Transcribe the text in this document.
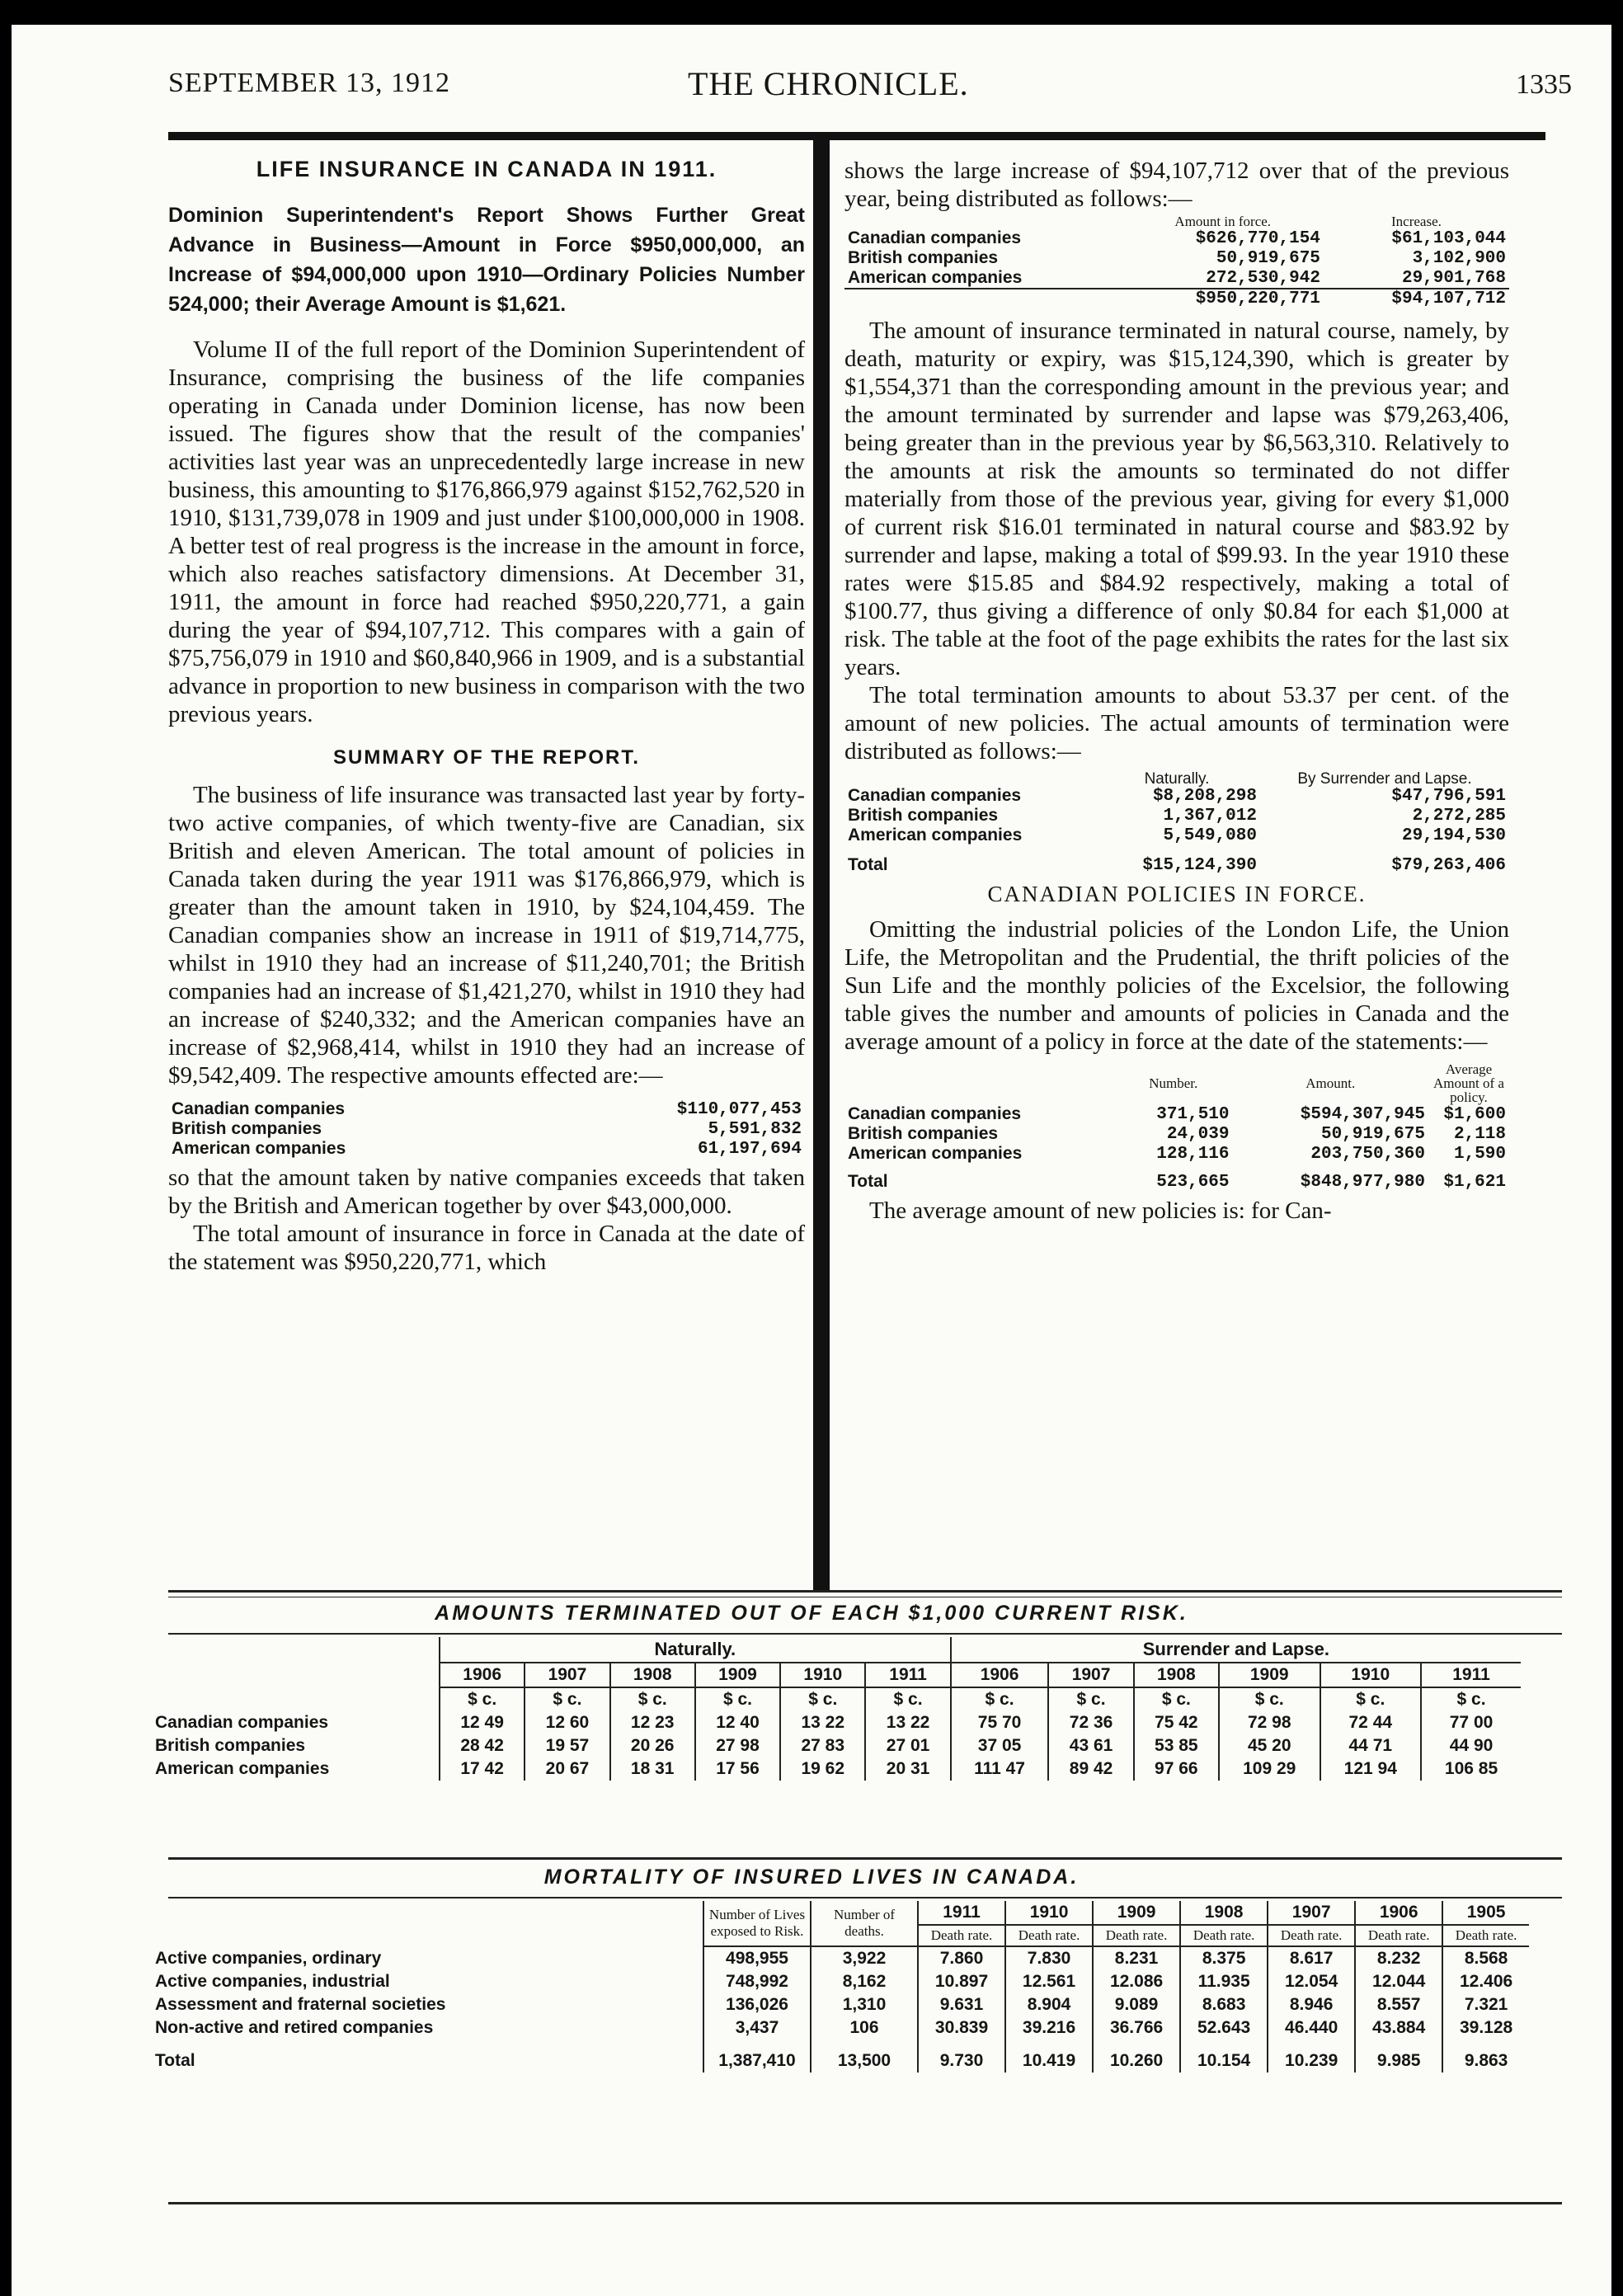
SEPTEMBER 13, 1912	THE CHRONICLE.	1335
LIFE INSURANCE IN CANADA IN 1911.
Dominion Superintendent's Report Shows Further Great Advance in Business—Amount in Force $950,000,000, an Increase of $94,000,000 upon 1910—Ordinary Policies Number 524,000; their Average Amount is $1,621.

Volume II of the full report of the Dominion Superintendent of Insurance, comprising the business of the life companies operating in Canada under Dominion license, has now been issued. The figures show that the result of the companies' activities last year was an unprecedentedly large increase in new business, this amounting to $176,866,979 against $152,762,520 in 1910, $131,739,078 in 1909 and just under $100,000,000 in 1908. A better test of real progress is the increase in the amount in force, which also reaches satisfactory dimensions. At December 31, 1911, the amount in force had reached $950,220,771, a gain during the year of $94,107,712. This compares with a gain of $75,756,079 in 1910 and $60,840,966 in 1909, and is a substantial advance in proportion to new business in comparison with the two previous years.

SUMMARY OF THE REPORT.

The business of life insurance was transacted last year by forty-two active companies, of which twenty-five are Canadian, six British and eleven American. The total amount of policies in Canada taken during the year 1911 was $176,866,979, which is greater than the amount taken in 1910, by $24,104,459. The Canadian companies show an increase in 1911 of $19,714,775, whilst in 1910 they had an increase of $11,240,701; the British companies had an increase of $1,421,270, whilst in 1910 they had an increase of $240,332; and the American companies have an increase of $2,968,414, whilst in 1910 they had an increase of $9,542,409. The respective amounts effected are:—

Canadian companies	$110,077,453
British companies	5,591,832
American companies	61,197,694

so that the amount taken by native companies exceeds that taken by the British and American together by over $43,000,000.

The total amount of insurance in force in Canada at the date of the statement was $950,220,771, which

shows the large increase of $94,107,712 over that of the previous year, being distributed as follows:—

	Amount in force.	Increase.
Canadian companies	$626,770,154	$61,103,044
British companies	50,919,675	3,102,900
American companies	272,530,942	29,901,768
	$950,220,771	$94,107,712

The amount of insurance terminated in natural course, namely, by death, maturity or expiry, was $15,124,390, which is greater by $1,554,371 than the corresponding amount in the previous year; and the amount terminated by surrender and lapse was $79,263,406, being greater than in the previous year by $6,563,310. Relatively to the amounts at risk the amounts so terminated do not differ materially from those of the previous year, giving for every $1,000 of current risk $16.01 terminated in natural course and $83.92 by surrender and lapse, making a total of $99.93. In the year 1910 these rates were $15.85 and $84.92 respectively, making a total of $100.77, thus giving a difference of only $0.84 for each $1,000 at risk. The table at the foot of the page exhibits the rates for the last six years.

The total termination amounts to about 53.37 per cent. of the amount of new policies. The actual amounts of termination were distributed as follows:—

	Naturally.	By Surrender and Lapse.
Canadian companies	$8,208,298	$47,796,591
British companies	1,367,012	2,272,285
American companies	5,549,080	29,194,530
Total	$15,124,390	$79,263,406
CANADIAN POLICIES IN FORCE.

Omitting the industrial policies of the London Life, the Union Life, the Metropolitan and the Prudential, the thrift policies of the Sun Life and the monthly policies of the Excelsior, the following table gives the number and amounts of policies in Canada and the average amount of a policy in force at the date of the statements:—

	Number.	Amount.	Average Amount of a policy.
Canadian companies	371,510	$594,307,945	$1,600
British companies	24,039	50,919,675	2,118
American companies	128,116	203,750,360	1,590
Total	523,665	$848,977,980	$1,621

The average amount of new policies is: for Can-

AMOUNTS TERMINATED OUT OF EACH $1,000 CURRENT RISK.
	Naturally.						Surrender and Lapse.					
	1906	1907	1908	1909	1910	1911	1906	1907	1908	1909	1910	1911
	$ c.	$ c.	$ c.	$ c.	$ c.	$ c.	$ c.	$ c.	$ c.	$ c.	$ c.	$ c.
Canadian companies	12 49	12 60	12 23	12 40	13 22	13 22	75 70	72 36	75 42	72 98	72 44	77 00
British companies	28 42	19 57	20 26	27 98	27 83	27 01	37 05	43 61	53 85	45 20	44 71	44 90
American companies	17 42	20 67	18 31	17 56	19 62	20 31	111 47	89 42	97 66	109 29	121 94	106 85
MORTALITY OF INSURED LIVES IN CANADA.
	Number of Lives exposed to Risk.	Number of deaths.	1911	1910	1909	1908	1907	1906	1905
			Death rate.	Death rate.	Death rate.	Death rate.	Death rate.	Death rate.	Death rate.
Active companies, ordinary	498,955	3,922	7.860	7.830	8.231	8.375	8.617	8.232	8.568
Active companies, industrial	748,992	8,162	10.897	12.561	12.086	11.935	12.054	12.044	12.406
Assessment and fraternal societies	136,026	1,310	9.631	8.904	9.089	8.683	8.946	8.557	7.321
Non-active and retired companies	3,437	106	30.839	39.216	36.766	52.643	46.440	43.884	39.128
Total	1,387,410	13,500	9.730	10.419	10.260	10.154	10.239	9.985	9.863
